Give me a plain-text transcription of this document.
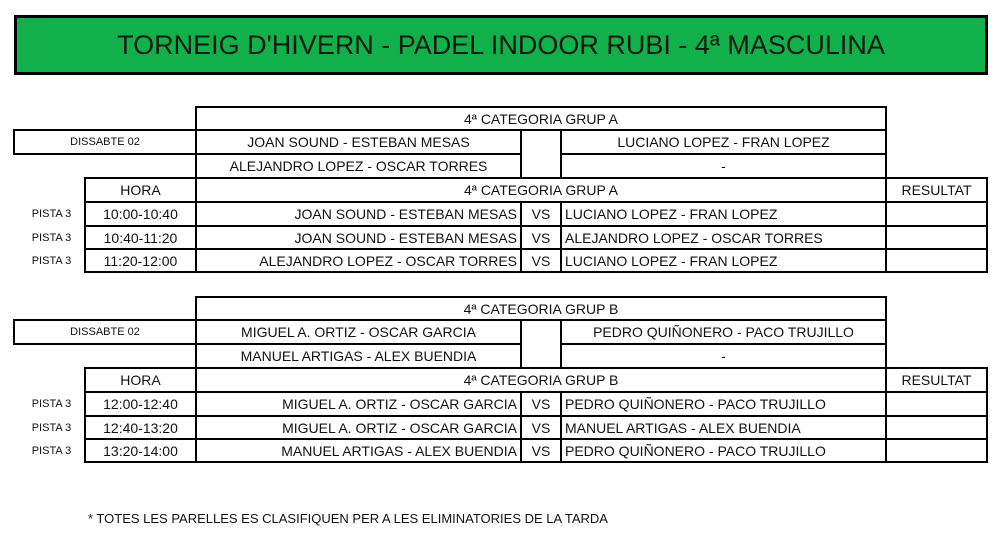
TORNEIG D'HIVERN - PADEL INDOOR RUBI - 4ª MASCULINA
4ª CATEGORIA GRUP A
DISSABTE 02	JOAN SOUND - ESTEBAN MESAS	LUCIANO LOPEZ - FRAN LOPEZ
ALEJANDRO LOPEZ - OSCAR TORRES	-
HORA	4ª CATEGORIA GRUP A	RESULTAT
PISTA 3	10:00-10:40	JOAN SOUND - ESTEBAN MESAS	VS	LUCIANO LOPEZ - FRAN LOPEZ
PISTA 3	10:40-11:20	JOAN SOUND - ESTEBAN MESAS	VS	ALEJANDRO LOPEZ - OSCAR TORRES
PISTA 3	11:20-12:00	ALEJANDRO LOPEZ - OSCAR TORRES	VS	LUCIANO LOPEZ - FRAN LOPEZ
4ª CATEGORIA GRUP B
DISSABTE 02	MIGUEL A. ORTIZ - OSCAR GARCIA	PEDRO QUIÑONERO - PACO TRUJILLO
MANUEL ARTIGAS - ALEX BUENDIA	-
HORA	4ª CATEGORIA GRUP B	RESULTAT
PISTA 3	12:00-12:40	MIGUEL A. ORTIZ - OSCAR GARCIA	VS	PEDRO QUIÑONERO - PACO TRUJILLO
PISTA 3	12:40-13:20	MIGUEL A. ORTIZ - OSCAR GARCIA	VS	MANUEL ARTIGAS - ALEX BUENDIA
PISTA 3	13:20-14:00	MANUEL ARTIGAS - ALEX BUENDIA	VS	PEDRO QUIÑONERO - PACO TRUJILLO
* TOTES LES PARELLES ES CLASIFIQUEN PER A LES ELIMINATORIES DE LA TARDA
